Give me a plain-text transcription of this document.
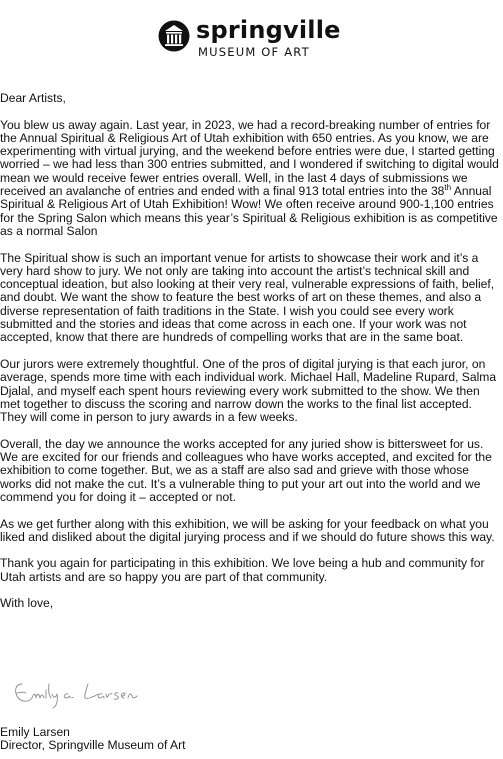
springville
MUSEUM OF ART

Dear Artists,

You blew us away again. Last year, in 2023, we had a record-breaking number of entries for
the Annual Spiritual & Religious Art of Utah exhibition with 650 entries. As you know, we are
experimenting with virtual jurying, and the weekend before entries were due, I started getting
worried – we had less than 300 entries submitted, and I wondered if switching to digital would
mean we would receive fewer entries overall. Well, in the last 4 days of submissions we
received an avalanche of entries and ended with a final 913 total entries into the 38th Annual
Spiritual & Religious Art of Utah Exhibition! Wow! We often receive around 900-1,100 entries
for the Spring Salon which means this year’s Spiritual & Religious exhibition is as competitive
as a normal Salon

The Spiritual show is such an important venue for artists to showcase their work and it’s a
very hard show to jury. We not only are taking into account the artist’s technical skill and
conceptual ideation, but also looking at their very real, vulnerable expressions of faith, belief,
and doubt. We want the show to feature the best works of art on these themes, and also a
diverse representation of faith traditions in the State. I wish you could see every work
submitted and the stories and ideas that come across in each one. If your work was not
accepted, know that there are hundreds of compelling works that are in the same boat.

Our jurors were extremely thoughtful. One of the pros of digital jurying is that each juror, on
average, spends more time with each individual work. Michael Hall, Madeline Rupard, Salma
Djalal, and myself each spent hours reviewing every work submitted to the show. We then
met together to discuss the scoring and narrow down the works to the final list accepted.
They will come in person to jury awards in a few weeks.

Overall, the day we announce the works accepted for any juried show is bittersweet for us.
We are excited for our friends and colleagues who have works accepted, and excited for the
exhibition to come together. But, we as a staff are also sad and grieve with those whose
works did not make the cut. It’s a vulnerable thing to put your art out into the world and we
commend you for doing it – accepted or not.

As we get further along with this exhibition, we will be asking for your feedback on what you
liked and disliked about the digital jurying process and if we should do future shows this way.

Thank you again for participating in this exhibition. We love being a hub and community for
Utah artists and are so happy you are part of that community.

With love,

Emily Larsen
Director, Springville Museum of Art
